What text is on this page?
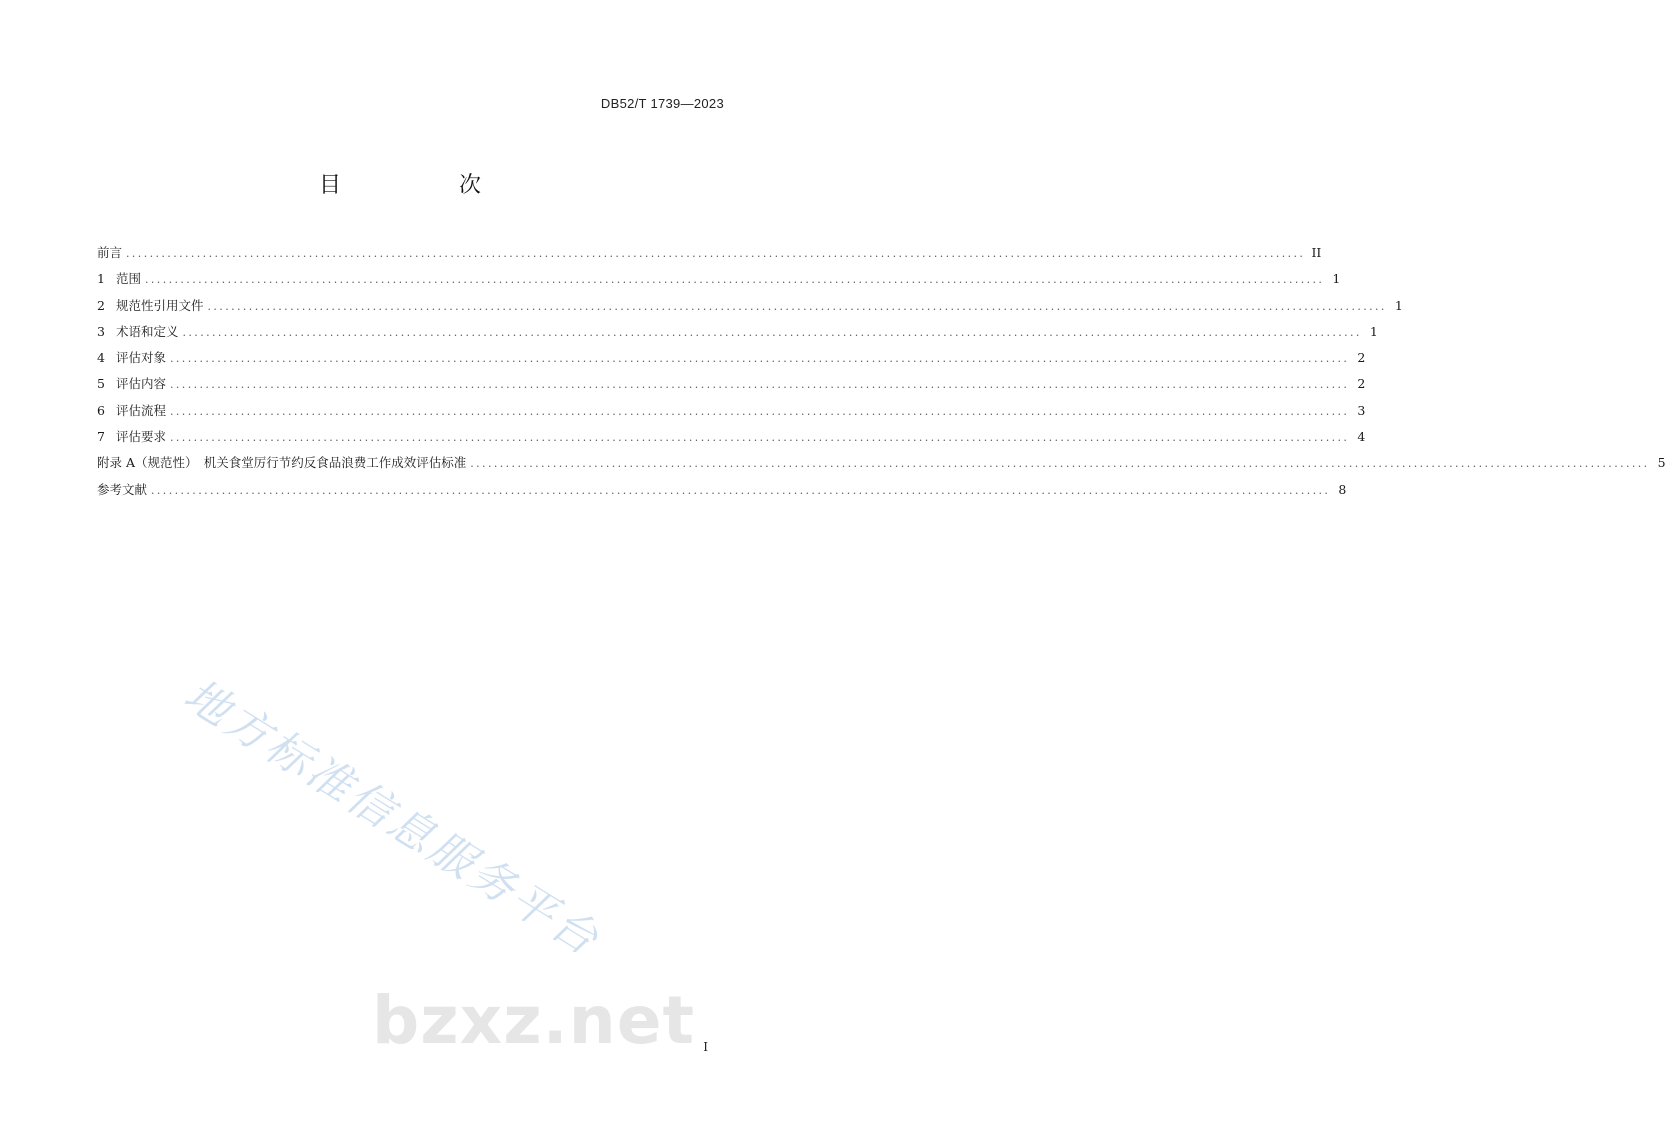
DB52/T 1739—2023
目　次
前言 ........................................................................................................................................................................................................ II
1 范围 ........................................................................................................................................................................................................ 1
2 规范性引用文件 ........................................................................................................................................................................................................ 1
3 术语和定义 ........................................................................................................................................................................................................ 1
4 评估对象 ........................................................................................................................................................................................................ 2
5 评估内容 ........................................................................................................................................................................................................ 2
6 评估流程 ........................................................................................................................................................................................................ 3
7 评估要求 ........................................................................................................................................................................................................ 4
附录 A（规范性）　机关食堂厉行节约反食品浪费工作成效评估标准 ........................................................................................................................................................................................................ 5
参考文献 ........................................................................................................................................................................................................ 8
地方标准信息服务平台
bzxz.net I
